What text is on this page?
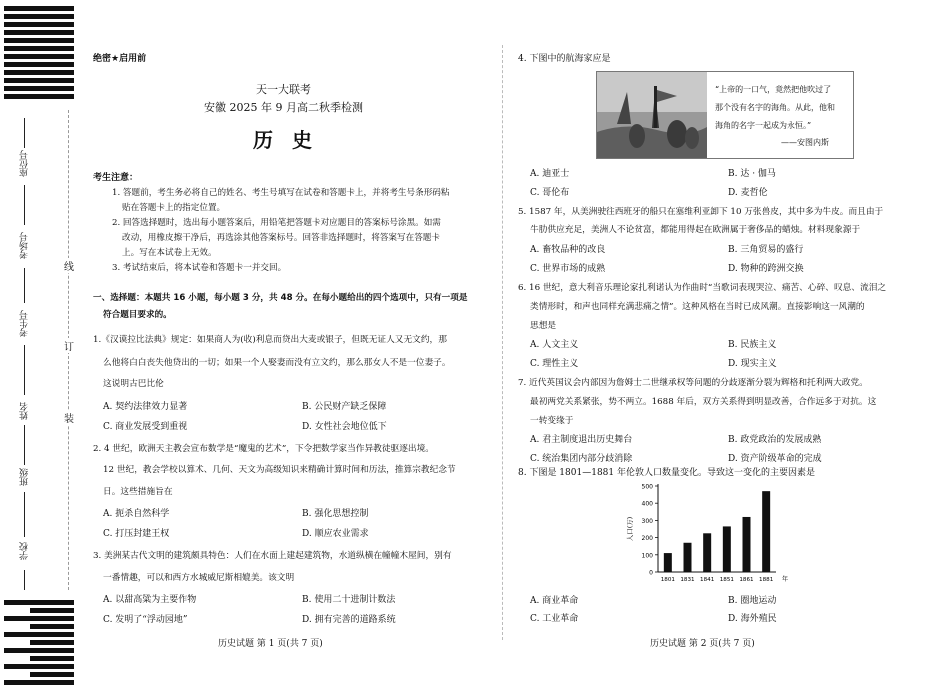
座位号
考场号
考生号
姓名
班级
学校
线
订
装
绝密★启用前
天一大联考
安徽 2025 年 9 月高二秋季检测
历 史
考生注意：
1. 答题前，考生务必将自己的姓名、考生号填写在试卷和答题卡上，并将考生号条形码粘
贴在答题卡上的指定位置。
2. 回答选择题时，选出每小题答案后，用铅笔把答题卡对应题目的答案标号涂黑。如需
改动，用橡皮擦干净后，再选涂其他答案标号。回答非选择题时，将答案写在答题卡
上。写在本试卷上无效。
3. 考试结束后，将本试卷和答题卡一并交回。
一、选择题：本题共 16 小题，每小题 3 分，共 48 分。在每小题给出的四个选项中，只有一项是
符合题目要求的。
1.《汉谟拉比法典》规定：如果商人为(收)利息而贷出大麦或银子，但既无证人又无文约，那
么他将白白丧失他贷出的一切；如果一个人娶妻而没有立文约，那么那女人不是一位妻子。
这说明古巴比伦
A. 契约法律效力显著	B. 公民财产缺乏保障
C. 商业发展受到重视	D. 女性社会地位低下
2. 4 世纪，欧洲天主教会宣布数学是“魔鬼的艺术”，下令把数学家当作异教徒驱逐出境。
12 世纪，教会学校以算术、几何、天文为高级知识来精确计算时间和历法，推算宗教纪念节
日。这些措施旨在
A. 扼杀自然科学	B. 强化思想控制
C. 打压封建王权	D. 顺应农业需求
3. 美洲某古代文明的建筑颇具特色：人们在水面上建起建筑物，水道纵横在幢幢木屋间，别有
一番情趣，可以和西方水城威尼斯相媲美。该文明
A. 以甜高粱为主要作物	B. 使用二十进制计数法
C. 发明了“浮动园地”	D. 拥有完善的道路系统
历史试题 第 1 页(共 7 页)
4. 下图中的航海家应是
“上帝的一口气，竟然把他吹过了
那个没有名字的海角。从此，他和
海角的名字一起成为永恒。”
——安图内斯
A. 迪亚士	B. 达 · 伽马
C. 哥伦布	D. 麦哲伦
5. 1587 年，从美洲驶往西班牙的船只在塞维利亚卸下 10 万张兽皮，其中多为牛皮。而且由于
牛肋供应充足，美洲人不论贫富，都能用得起在欧洲属于奢侈品的蜡烛。材料现象源于
A. 畜牧品种的改良	B. 三角贸易的盛行
C. 世界市场的成熟	D. 物种的跨洲交换
6. 16 世纪，意大利音乐理论家扎利诺认为作曲时“当歌词表现哭泣、痛苦、心碎、叹息、流泪之
类情形时，和声也同样充满悲痛之情”。这种风格在当时已成风潮。直接影响这一风潮的
思想是
A. 人文主义	B. 民族主义
C. 理性主义	D. 现实主义
7. 近代英国议会内部因为詹姆士二世继承权等问题的分歧逐渐分裂为辉格和托利两大政党。
最初两党关系紧张，势不两立。1688 年后，双方关系得到明显改善，合作远多于对抗。这
一转变缘于
A. 君主制度退出历史舞台	B. 政党政治的发展成熟
C. 统治集团内部分歧消除	D. 资产阶级革命的完成
8. 下图是 1801—1881 年伦敦人口数量变化。导致这一变化的主要因素是
0
100
200
300
400
500
人口(万)
1801 1831 1841 1851 1861 1881 年
A. 商业革命	B. 圈地运动
C. 工业革命	D. 海外殖民
历史试题 第 2 页(共 7 页)
